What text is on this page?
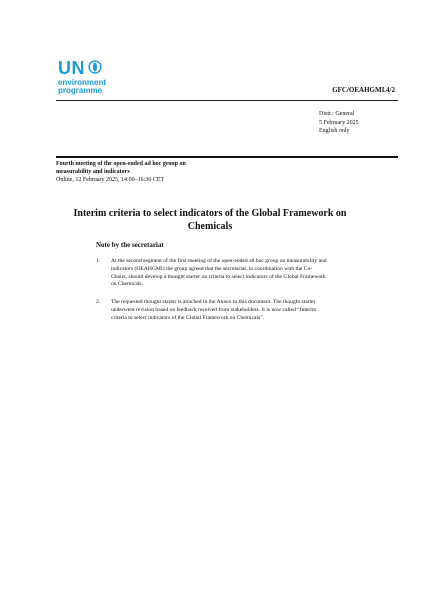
UN
environment
programme	GFC/OEAHGMI.4/2
Distr.: General
5 February 2025
English only
Fourth meeting of the open-ended ad hoc group on
measurability and indicators
Online, 12 February 2025, 14:00–16:30 CET
Interim criteria to select indicators of the Global Framework on Chemicals
Note by the secretariat
1. At the second segment of the first meeting of the open-ended ad hoc group on measurability and indicators (OEAHGMI) the group agreed that the secretariat, in coordination with the Co-Chairs, should develop a thought starter on criteria to select indicators of the Global Framework on Chemicals.
2. The requested thought starter is attached in the Annex to this document. The thought starter underwent revision based on feedback received from stakeholders. It is now called “Interim criteria to select indicators of the Global Framework on Chemicals”.
